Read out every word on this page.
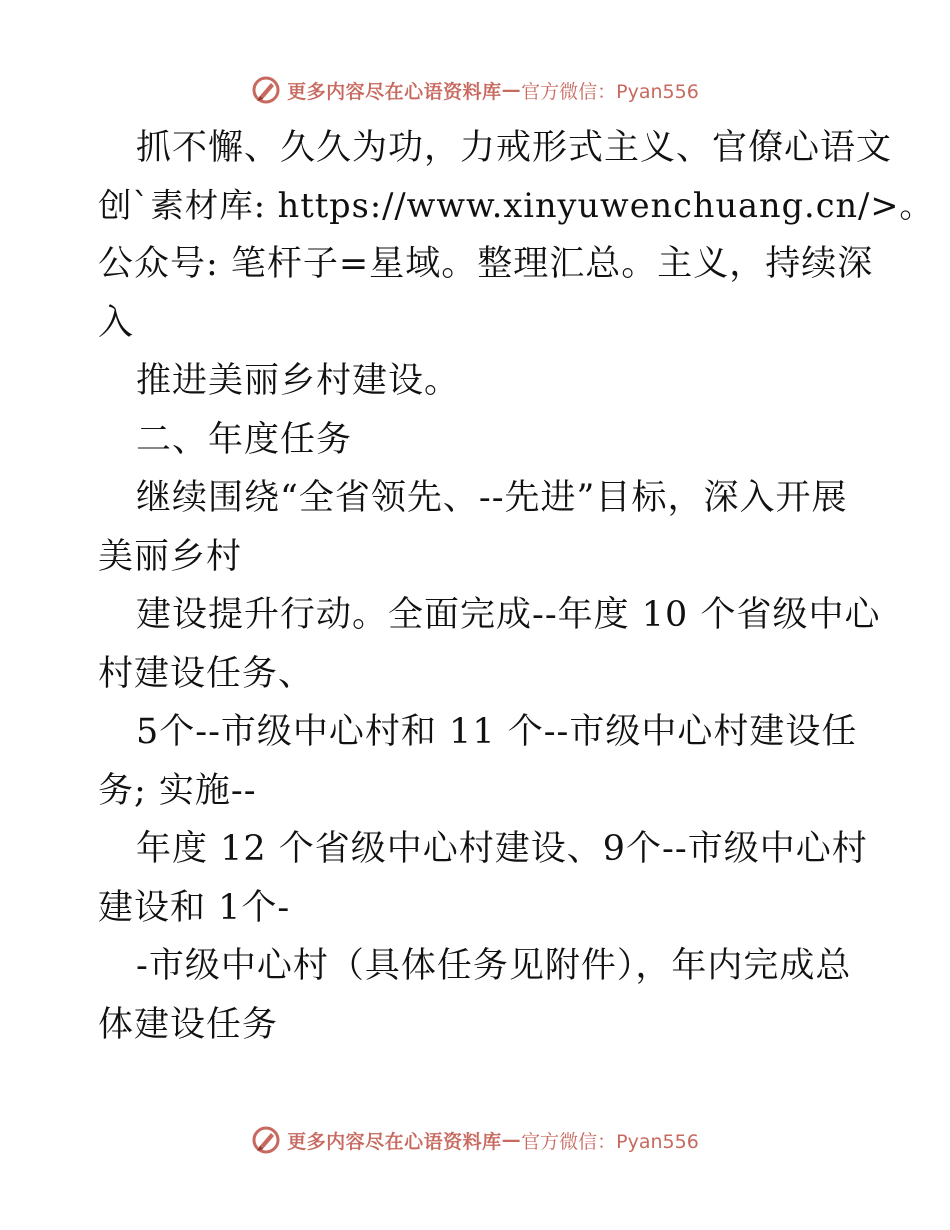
更多内容尽在心语资料库 — 官方微信：Pyan556
抓不懈、久久为功，力戒形式主义、官僚心语文
创`素材库: https://www.xinyuwenchuang.cn/>。
公众号: 笔杆子=星域。整理汇总。主义，持续深
入
推进美丽乡村建设。
二、年度任务
继续围绕“全省领先、--先进”目标，深入开展
美丽乡村
建设提升行动。全面完成--年度 10 个省级中心
村建设任务、
5个--市级中心村和 11 个--市级中心村建设任
务; 实施--
年度 12 个省级中心村建设、9个--市级中心村
建设和 1个-
-市级中心村（具体任务见附件），年内完成总
体建设任务
更多内容尽在心语资料库 — 官方微信：Pyan556
